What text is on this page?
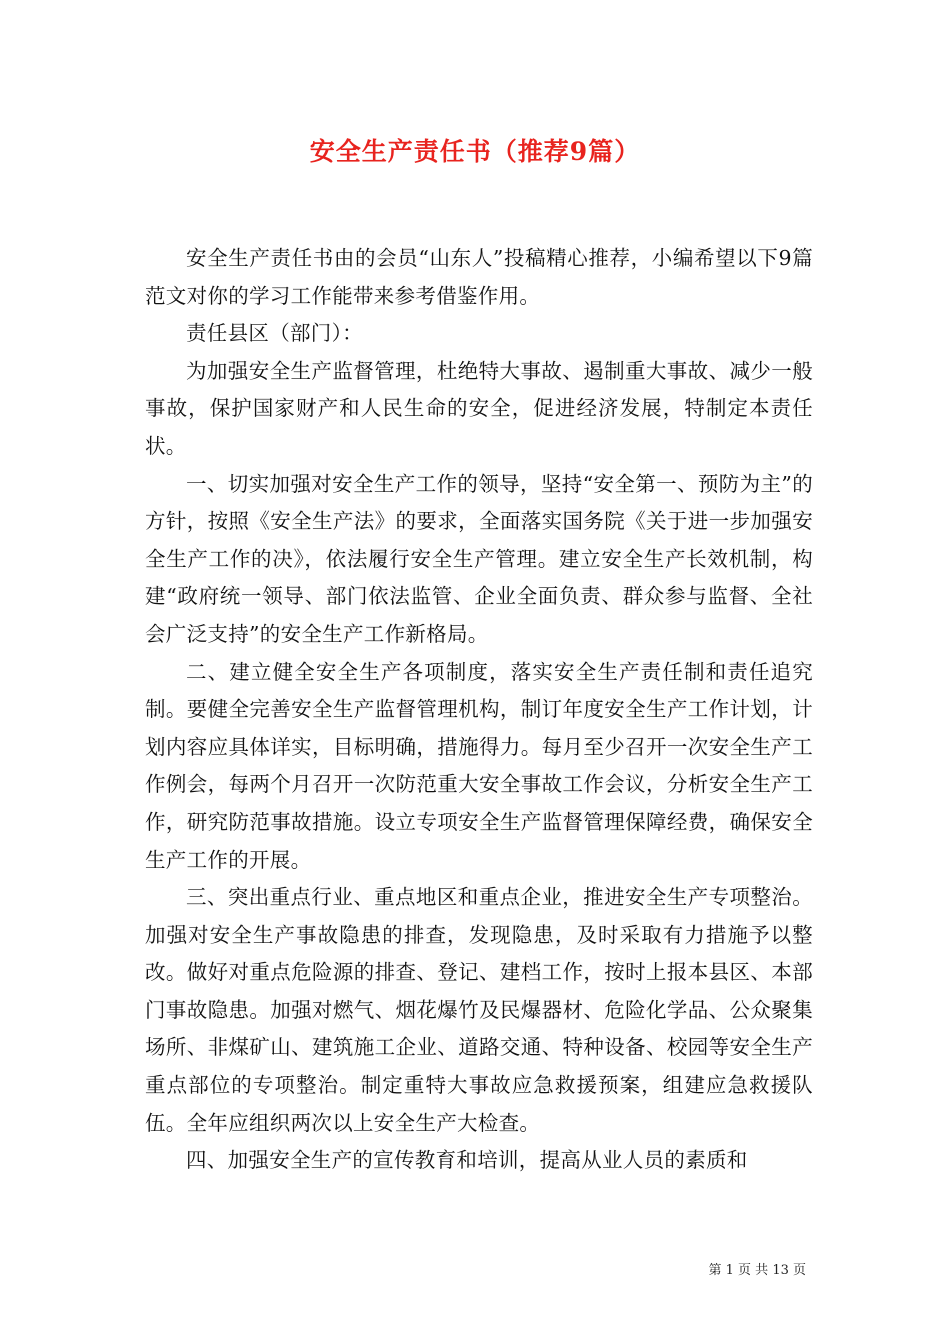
安全生产责任书（推荐9篇）

安全生产责任书由的会员“山东人”投稿精心推荐，小编希望以下9篇范文对你的学习工作能带来参考借鉴作用。

责任县区（部门）：

为加强安全生产监督管理，杜绝特大事故、遏制重大事故、减少一般事故，保护国家财产和人民生命的安全，促进经济发展，特制定本责任状。

一、切实加强对安全生产工作的领导，坚持“安全第一、预防为主”的方针，按照《安全生产法》的要求，全面落实国务院《关于进一步加强安全生产工作的决》，依法履行安全生产管理。建立安全生产长效机制，构建“政府统一领导、部门依法监管、企业全面负责、群众参与监督、全社会广泛支持”的安全生产工作新格局。

二、建立健全安全生产各项制度，落实安全生产责任制和责任追究制。要健全完善安全生产监督管理机构，制订年度安全生产工作计划，计划内容应具体详实，目标明确，措施得力。每月至少召开一次安全生产工作例会，每两个月召开一次防范重大安全事故工作会议，分析安全生产工作，研究防范事故措施。设立专项安全生产监督管理保障经费，确保安全生产工作的开展。

三、突出重点行业、重点地区和重点企业，推进安全生产专项整治。加强对安全生产事故隐患的排查，发现隐患，及时采取有力措施予以整改。做好对重点危险源的排查、登记、建档工作，按时上报本县区、本部门事故隐患。加强对燃气、烟花爆竹及民爆器材、危险化学品、公众聚集场所、非煤矿山、建筑施工企业、道路交通、特种设备、校园等安全生产重点部位的专项整治。制定重特大事故应急救援预案，组建应急救援队伍。全年应组织两次以上安全生产大检查。

四、加强安全生产的宣传教育和培训，提高从业人员的素质和

第 1 页 共 13 页
